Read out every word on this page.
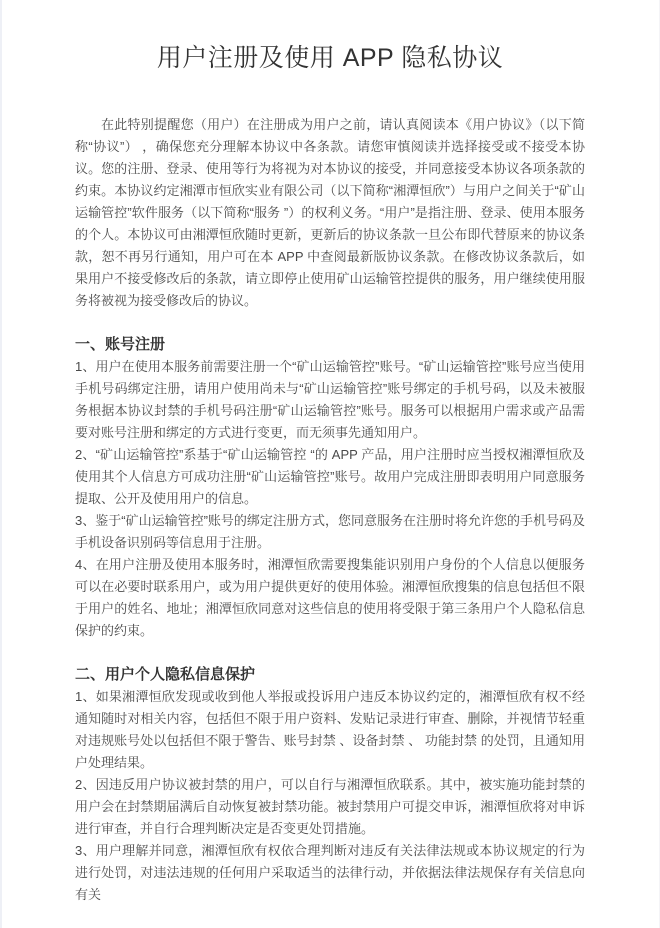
用户注册及使用 APP 隐私协议

在此特别提醒您（用户）在注册成为用户之前，请认真阅读本《用户协议》（以下简称“协议”） ，确保您充分理解本协议中各条款。请您审慎阅读并选择接受或不接受本协议。您的注册、登录、使用等行为将视为对本协议的接受，并同意接受本协议各项条款的约束。本协议约定湘潭市恒欣实业有限公司（以下简称“湘潭恒欣”）与用户之间关于“矿山运输管控”软件服务（以下简称“服务 ”）的权利义务。“用户”是指注册、登录、使用本服务的个人。本协议可由湘潭恒欣随时更新，更新后的协议条款一旦公布即代替原来的协议条款，恕不再另行通知，用户可在本 APP 中查阅最新版协议条款。在修改协议条款后，如果用户不接受修改后的条款，请立即停止使用矿山运输管控提供的服务，用户继续使用服务将被视为接受修改后的协议。

一、账号注册

1、用户在使用本服务前需要注册一个“矿山运输管控”账号。“矿山运输管控”账号应当使用手机号码绑定注册，请用户使用尚未与“矿山运输管控”账号绑定的手机号码，以及未被服务根据本协议封禁的手机号码注册“矿山运输管控”账号。服务可以根据用户需求或产品需要对账号注册和绑定的方式进行变更，而无须事先通知用户。

2、“矿山运输管控”系基于“矿山运输管控 “的 APP 产品，用户注册时应当授权湘潭恒欣及使用其个人信息方可成功注册“矿山运输管控”账号。故用户完成注册即表明用户同意服务提取、公开及使用用户的信息。

3、鉴于“矿山运输管控”账号的绑定注册方式，您同意服务在注册时将允许您的手机号码及手机设备识别码等信息用于注册。

4、在用户注册及使用本服务时，湘潭恒欣需要搜集能识别用户身份的个人信息以便服务可以在必要时联系用户，或为用户提供更好的使用体验。湘潭恒欣搜集的信息包括但不限于用户的姓名、地址；湘潭恒欣同意对这些信息的使用将受限于第三条用户个人隐私信息保护的约束。

二、用户个人隐私信息保护

1、如果湘潭恒欣发现或收到他人举报或投诉用户违反本协议约定的，湘潭恒欣有权不经通知随时对相关内容，包括但不限于用户资料、发贴记录进行审查、删除，并视情节轻重对违规账号处以包括但不限于警告、账号封禁 、设备封禁 、 功能封禁 的处罚，且通知用户处理结果。

2、因违反用户协议被封禁的用户，可以自行与湘潭恒欣联系。其中，被实施功能封禁的用户会在封禁期届满后自动恢复被封禁功能。被封禁用户可提交申诉，湘潭恒欣将对申诉进行审查，并自行合理判断决定是否变更处罚措施。

3、用户理解并同意，湘潭恒欣有权依合理判断对违反有关法律法规或本协议规定的行为进行处罚，对违法违规的任何用户采取适当的法律行动，并依据法律法规保存有关信息向有关
